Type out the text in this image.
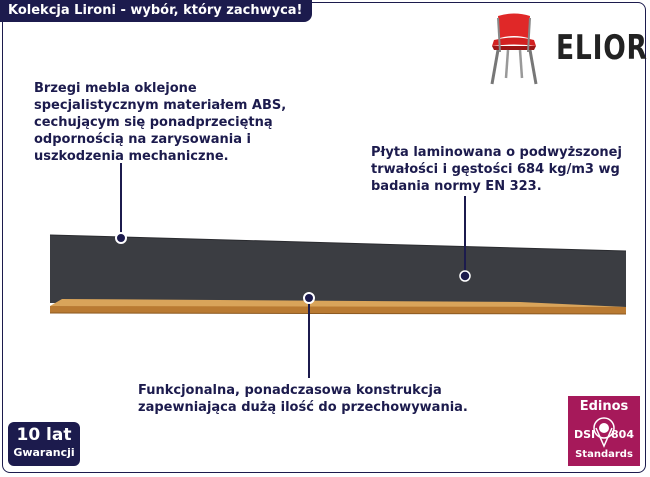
Kolekcja Lironi - wybór, który zachwyca!
ELIOR
Brzegi mebla oklejone specjalistycznym materiałem ABS, cechującym się ponadprzeciętną odpornością na zarysowania i uszkodzenia mechaniczne.	Płyta laminowana o podwyższonej trwałości i gęstości 684 kg/m3 wg badania normy EN 323.
Funkcjonalna, ponadczasowa konstrukcja zapewniająca dużą ilość do przechowywania.
10 lat
Gwarancji
Edinos
DSI 804
Standards
